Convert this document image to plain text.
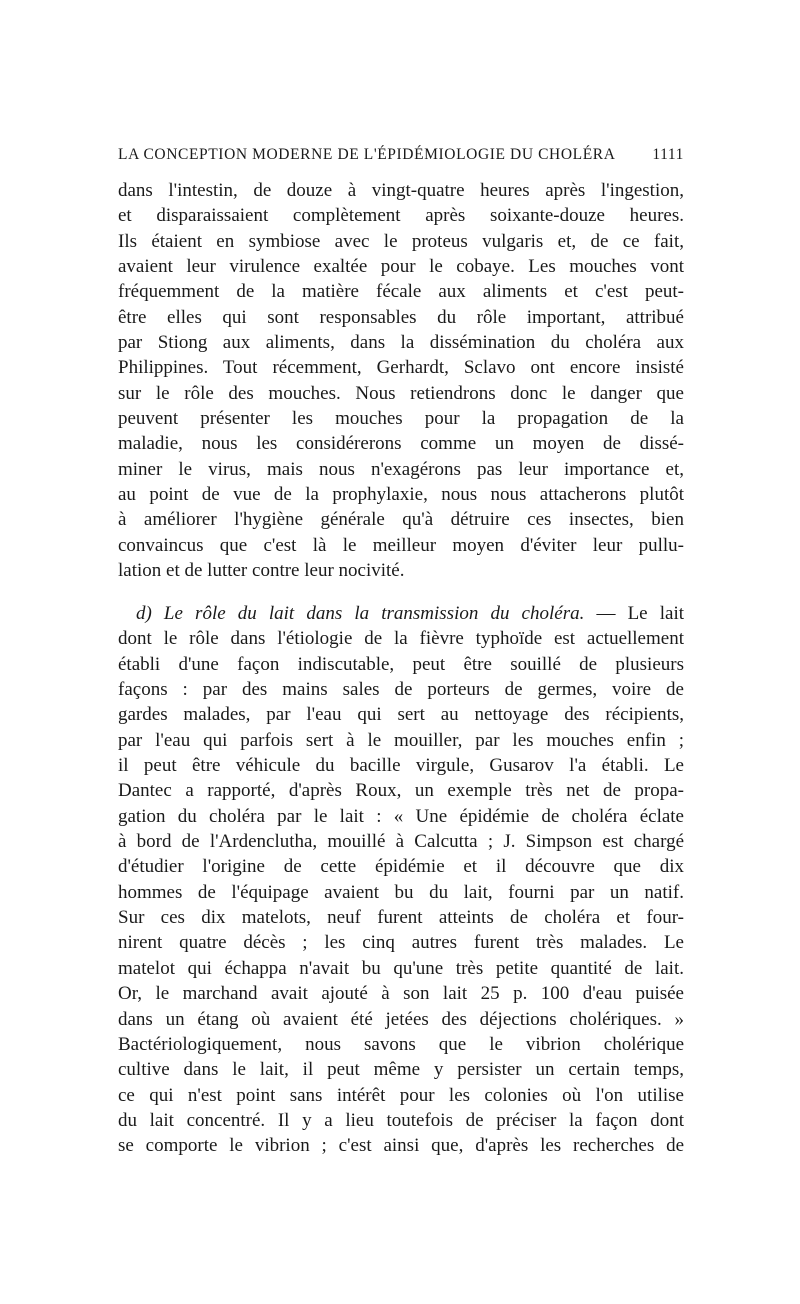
LA CONCEPTION MODERNE DE L'ÉPIDÉMIOLOGIE DU CHOLÉRA 1111
dans l'intestin, de douze à vingt-quatre heures après l'ingestion,
et disparaissaient complètement après soixante-douze heures.
Ils étaient en symbiose avec le proteus vulgaris et, de ce fait,
avaient leur virulence exaltée pour le cobaye. Les mouches vont
fréquemment de la matière fécale aux aliments et c'est peut-
être elles qui sont responsables du rôle important, attribué
par Stiong aux aliments, dans la dissémination du choléra aux
Philippines. Tout récemment, Gerhardt, Sclavo ont encore insisté
sur le rôle des mouches. Nous retiendrons donc le danger que
peuvent présenter les mouches pour la propagation de la
maladie, nous les considérerons comme un moyen de dissé-
miner le virus, mais nous n'exagérons pas leur importance et,
au point de vue de la prophylaxie, nous nous attacherons plutôt
à améliorer l'hygiène générale qu'à détruire ces insectes, bien
convaincus que c'est là le meilleur moyen d'éviter leur pullu-
lation et de lutter contre leur nocivité.
d) Le rôle du lait dans la transmission du choléra. — Le lait
dont le rôle dans l'étiologie de la fièvre typhoïde est actuellement
établi d'une façon indiscutable, peut être souillé de plusieurs
façons : par des mains sales de porteurs de germes, voire de
gardes malades, par l'eau qui sert au nettoyage des récipients,
par l'eau qui parfois sert à le mouiller, par les mouches enfin ;
il peut être véhicule du bacille virgule, Gusarov l'a établi. Le
Dantec a rapporté, d'après Roux, un exemple très net de propa-
gation du choléra par le lait : « Une épidémie de choléra éclate
à bord de l'Ardenclutha, mouillé à Calcutta ; J. Simpson est chargé
d'étudier l'origine de cette épidémie et il découvre que dix
hommes de l'équipage avaient bu du lait, fourni par un natif.
Sur ces dix matelots, neuf furent atteints de choléra et four-
nirent quatre décès ; les cinq autres furent très malades. Le
matelot qui échappa n'avait bu qu'une très petite quantité de lait.
Or, le marchand avait ajouté à son lait 25 p. 100 d'eau puisée
dans un étang où avaient été jetées des déjections cholériques. »
Bactériologiquement, nous savons que le vibrion cholérique
cultive dans le lait, il peut même y persister un certain temps,
ce qui n'est point sans intérêt pour les colonies où l'on utilise
du lait concentré. Il y a lieu toutefois de préciser la façon dont
se comporte le vibrion ; c'est ainsi que, d'après les recherches de
